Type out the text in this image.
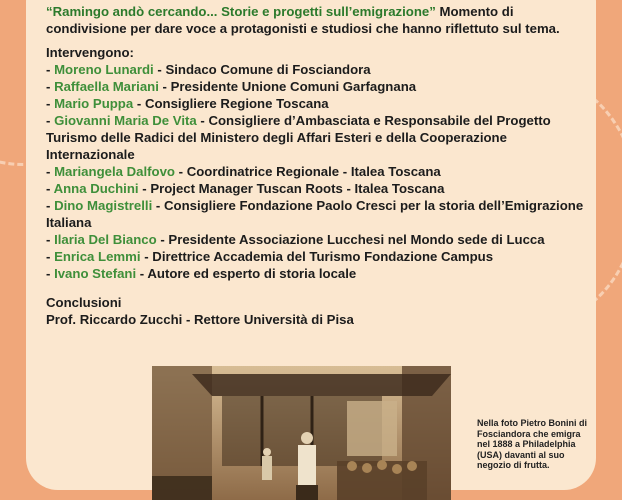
“Ramingo andò cercando... Storie e progetti sull’emigrazione” Momento di condivisione per dare voce a protagonisti e studiosi che hanno riflettuto sul tema.

Intervengono:

- Moreno Lunardi - Sindaco Comune di Fosciandora
- Raffaella Mariani - Presidente Unione Comuni Garfagnana
- Mario Puppa - Consigliere Regione Toscana
- Giovanni Maria De Vita - Consigliere d’Ambasciata e Responsabile del Progetto Turismo delle Radici del Ministero degli Affari Esteri e della Cooperazione Internazionale
- Mariangela Dalfovo - Coordinatrice Regionale - Italea Toscana
- Anna Duchini - Project Manager Tuscan Roots - Italea Toscana
- Dino Magistrelli - Consigliere Fondazione Paolo Cresci per la storia dell’Emigrazione Italiana
- Ilaria Del Bianco - Presidente Associazione Lucchesi nel Mondo sede di Lucca
- Enrica Lemmi - Direttrice Accademia del Turismo Fondazione Campus
- Ivano Stefani - Autore ed esperto di storia locale

Conclusioni

Prof. Riccardo Zucchi - Rettore Università di Pisa

Nella foto Pietro Bonini di Fosciandora che emigra nel 1888 a Philadelphia (USA) davanti al suo negozio di frutta.
